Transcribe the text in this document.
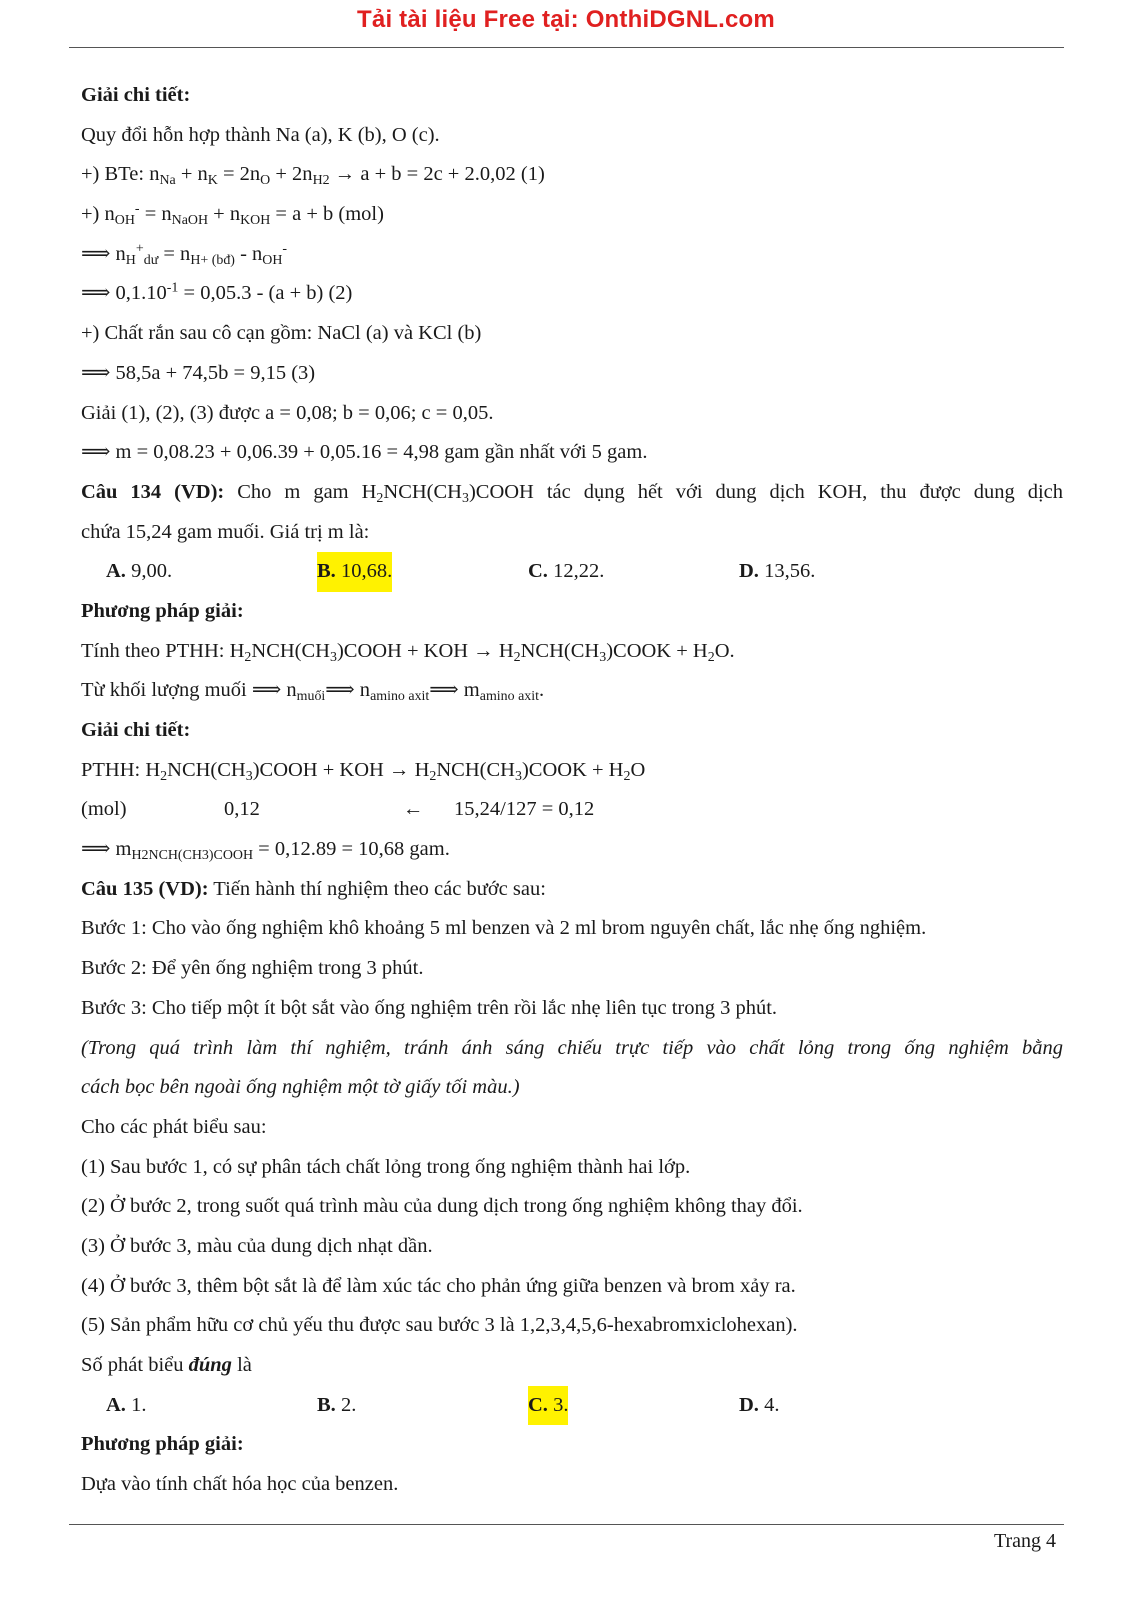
Tải tài liệu Free tại: OnthiDGNL.com
Giải chi tiết:
Quy đổi hỗn hợp thành Na (a), K (b), O (c).
+) BTe: $n_{Na} + n_K = 2n_O + 2n_{H2} \to a + b = 2c + 2.0,02$ (1)
+) $n_{OH}^- = n_{NaOH} + n_{KOH} = a + b$ (mol)
⟹ $n_H^+_{dư} = n_{H+ (bđ)} - n_{OH}^-$
⟹ $0,1.10^{-1} = 0,05.3 - (a + b)$ (2)
+) Chất rắn sau cô cạn gồm: NaCl (a) và KCl (b)
⟹ 58,5a + 74,5b = 9,15 (3)
Giải (1), (2), (3) được a = 0,08; b = 0,06; c = 0,05.
⟹ m = 0,08.23 + 0,06.39 + 0,05.16 = 4,98 gam gần nhất với 5 gam.
Câu 134 (VD): Cho m gam $H_2NCH(CH_3)COOH$ tác dụng hết với dung dịch KOH, thu được dung dịch
chứa 15,24 gam muối. Giá trị m là:
A. 9,00.	B. 10,68.	C. 12,22.	D. 13,56.
Phương pháp giải:
Tính theo PTHH: $H_2NCH(CH_3)COOH$ + KOH → $H_2NCH(CH_3)COOK + H_2O$.
Từ khối lượng muối ⟹ $n_{muối}⟹$ $n_{amino axit}⟹$ $m_{amino axit}$.
Giải chi tiết:
PTHH: $H_2NCH(CH_3)COOH$ + KOH → $H_2NCH(CH_3)COOK + H_2O$
(mol)	0,12	← 15,24/127 = 0,12
⟹ $m_{H2NCH(CH3)COOH} = 0,12.89 = 10,68$ gam.
Câu 135 (VD): Tiến hành thí nghiệm theo các bước sau:
Bước 1: Cho vào ống nghiệm khô khoảng 5 ml benzen và 2 ml brom nguyên chất, lắc nhẹ ống nghiệm.
Bước 2: Để yên ống nghiệm trong 3 phút.
Bước 3: Cho tiếp một ít bột sắt vào ống nghiệm trên rồi lắc nhẹ liên tục trong 3 phút.
(Trong quá trình làm thí nghiệm, tránh ánh sáng chiếu trực tiếp vào chất lỏng trong ống nghiệm bằng
cách bọc bên ngoài ống nghiệm một tờ giấy tối màu.)
Cho các phát biểu sau:
(1) Sau bước 1, có sự phân tách chất lỏng trong ống nghiệm thành hai lớp.
(2) Ở bước 2, trong suốt quá trình màu của dung dịch trong ống nghiệm không thay đổi.
(3) Ở bước 3, màu của dung dịch nhạt dần.
(4) Ở bước 3, thêm bột sắt là để làm xúc tác cho phản ứng giữa benzen và brom xảy ra.
(5) Sản phẩm hữu cơ chủ yếu thu được sau bước 3 là 1,2,3,4,5,6-hexabromxiclohexan).
Số phát biểu đúng là
A. 1.	B. 2.	C. 3.	D. 4.
Phương pháp giải:
Dựa vào tính chất hóa học của benzen.
Trang 4
